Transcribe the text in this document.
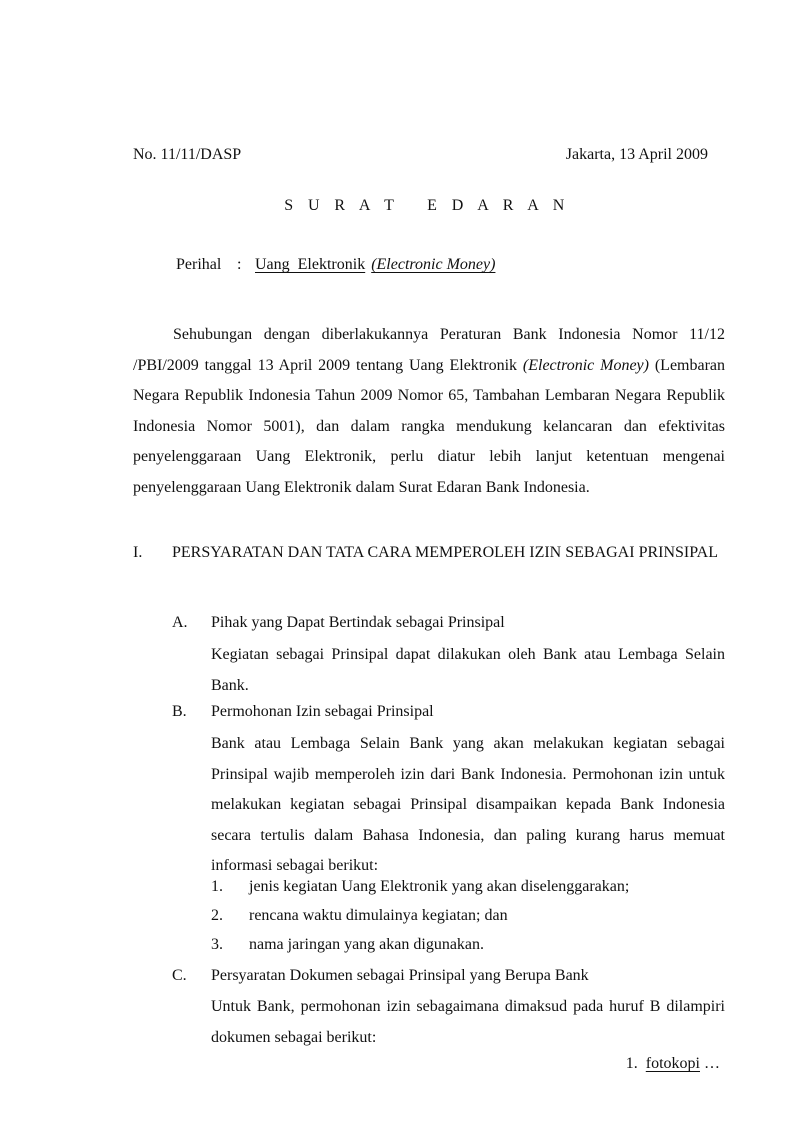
No. 11/11/DASP	Jakarta, 13 April 2009
S U R A T   E D A R A N
Perihal : Uang  Elektronik (Electronic Money)

Sehubungan dengan diberlakukannya Peraturan Bank Indonesia Nomor 11/12 /PBI/2009 tanggal 13 April 2009 tentang Uang Elektronik (Electronic Money) (Lembaran Negara Republik Indonesia Tahun 2009 Nomor 65, Tambahan Lembaran Negara Republik Indonesia Nomor 5001), dan dalam rangka mendukung kelancaran dan efektivitas penyelenggaraan Uang Elektronik, perlu diatur lebih lanjut ketentuan mengenai penyelenggaraan Uang Elektronik dalam Surat Edaran Bank Indonesia.

I. PERSYARATAN DAN TATA CARA MEMPEROLEH IZIN SEBAGAI PRINSIPAL

A. Pihak yang Dapat Bertindak sebagai Prinsipal

Kegiatan sebagai Prinsipal dapat dilakukan oleh Bank atau Lembaga Selain Bank.

B. Permohonan Izin sebagai Prinsipal

Bank atau Lembaga Selain Bank yang akan melakukan kegiatan sebagai Prinsipal wajib memperoleh izin dari Bank Indonesia. Permohonan izin untuk melakukan kegiatan sebagai Prinsipal disampaikan kepada Bank Indonesia secara tertulis dalam Bahasa Indonesia, dan paling kurang harus memuat informasi sebagai berikut:

1. jenis kegiatan Uang Elektronik yang akan diselenggarakan;
2. rencana waktu dimulainya kegiatan; dan
3. nama jaringan yang akan digunakan.
C. Persyaratan Dokumen sebagai Prinsipal yang Berupa Bank

Untuk Bank, permohonan izin sebagaimana dimaksud pada huruf B dilampiri dokumen sebagai berikut:

1. fotokopi …
